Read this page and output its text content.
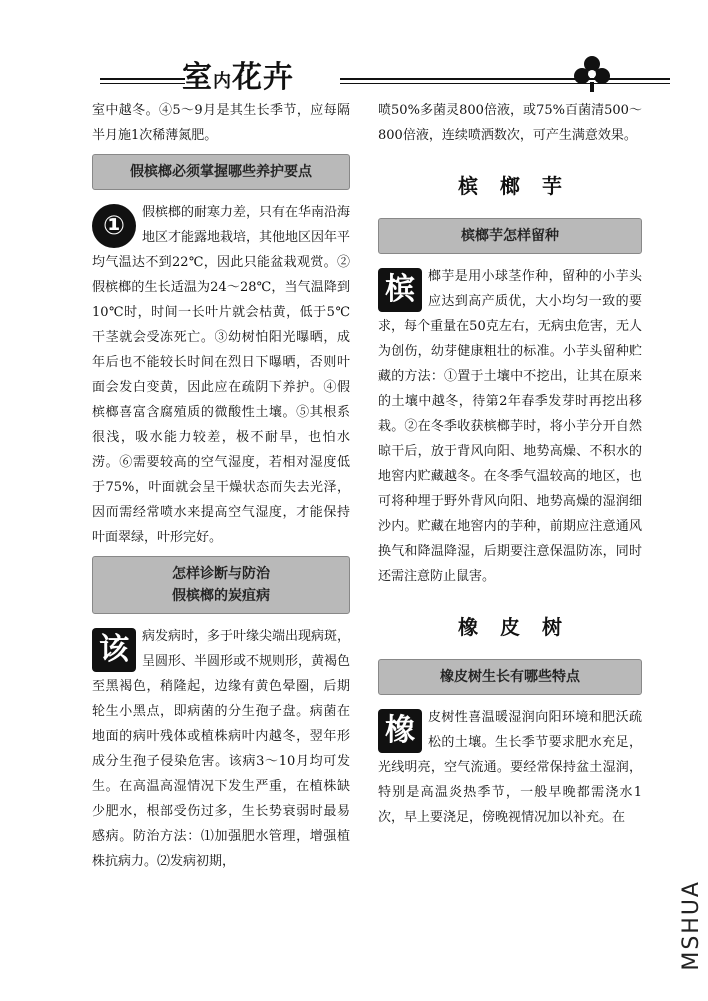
室内花卉

室中越冬。④5～9月是其生长季节，应每隔半月施1次稀薄氮肥。

假槟榔必须掌握哪些养护要点

①	假槟榔的耐寒力差，只有在华南沿海地区才能露地栽培，其他地区因年平均气温达不到22℃，因此只能盆栽观赏。②假槟榔的生长适温为24～28℃，当气温降到10℃时，时间一长叶片就会枯黄，低于5℃干茎就会受冻死亡。③幼树怕阳光曝晒，成年后也不能较长时间在烈日下曝晒，否则叶面会发白变黄，因此应在疏阴下养护。④假槟榔喜富含腐殖质的微酸性土壤。⑤其根系很浅，吸水能力较差，极不耐旱，也怕水涝。⑥需要较高的空气湿度，若相对湿度低于75%，叶面就会呈干燥状态而失去光泽，因而需经常喷水来提高空气湿度，才能保持叶面翠绿，叶形完好。

怎样诊断与防治
假槟榔的炭疽病

该	病发病时，多于叶缘尖端出现病斑，呈圆形、半圆形或不规则形，黄褐色至黑褐色，稍隆起，边缘有黄色晕圈，后期轮生小黑点，即病菌的分生孢子盘。病菌在地面的病叶残体或植株病叶内越冬，翌年形成分生孢子侵染危害。该病3～10月均可发生。在高温高湿情况下发生严重，在植株缺少肥水，根部受伤过多，生长势衰弱时最易感病。防治方法：⑴加强肥水管理，增强植株抗病力。⑵发病初期，

喷50%多菌灵800倍液，或75%百菌清500～800倍液，连续喷洒数次，可产生满意效果。

槟榔芋
槟榔芋怎样留种

槟	榔芋是用小球茎作种，留种的小芋头应达到高产质优，大小均匀一致的要求，每个重量在50克左右，无病虫危害，无人为创伤，幼芽健康粗壮的标准。小芋头留种贮藏的方法：①置于土壤中不挖出，让其在原来的土壤中越冬，待第2年春季发芽时再挖出移栽。②在冬季收获槟榔芋时，将小芋分开自然晾干后，放于背风向阳、地势高燥、不积水的地窖内贮藏越冬。在冬季气温较高的地区，也可将种埋于野外背风向阳、地势高燥的湿润细沙内。贮藏在地窖内的芋种，前期应注意通风换气和降温降湿，后期要注意保温防冻，同时还需注意防止鼠害。

橡皮树
橡皮树生长有哪些特点

橡	皮树性喜温暖湿润向阳环境和肥沃疏松的土壤。生长季节要求肥水充足，光线明亮，空气流通。要经常保持盆土湿润，特别是高温炎热季节，一般早晚都需浇水1次，早上要浇足，傍晚视情况加以补充。在

MSHUA
